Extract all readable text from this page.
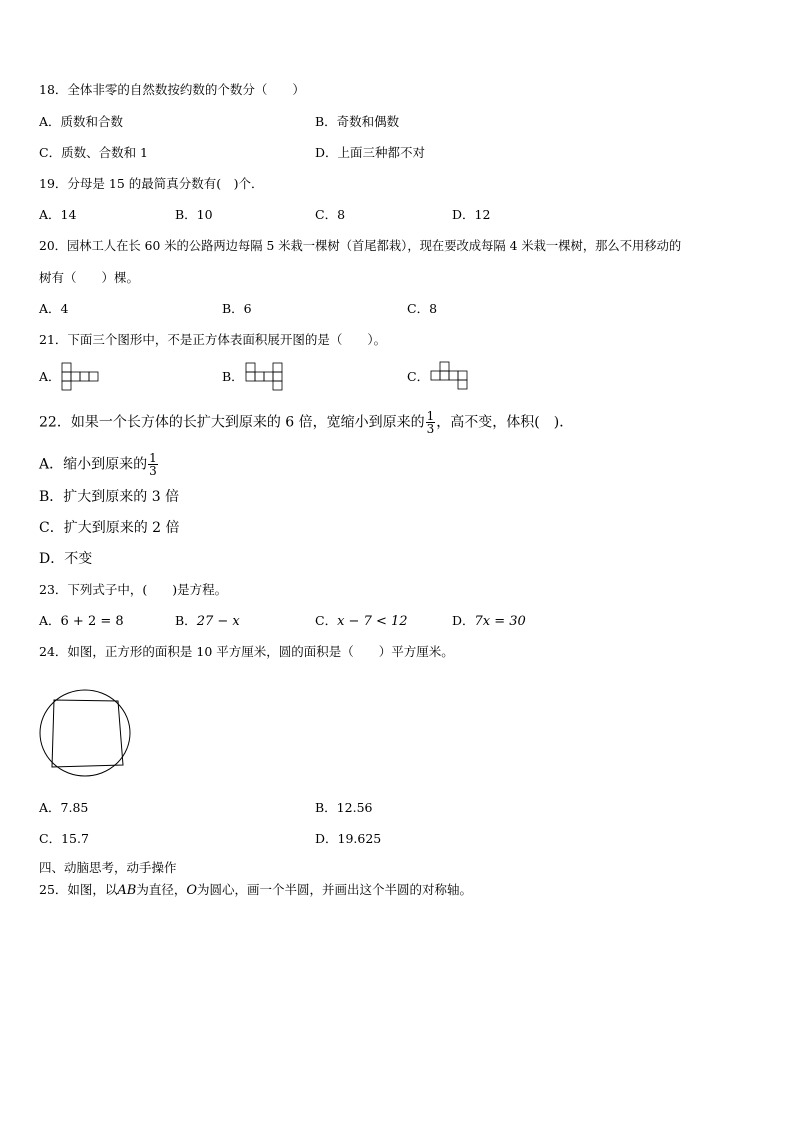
18．全体非零的自然数按约数的个数分（　　）
A．质数和合数	B．奇数和偶数
C．质数、合数和 1	D．上面三种都不对
19．分母是 15 的最简真分数有(　)个．
A．14	B．10	C．8	D．12
20．园林工人在长 60 米的公路两边每隔 5 米栽一棵树（首尾都栽），现在要改成每隔 4 米栽一棵树，那么不用移动的
树有（　　）棵。
A．4	B．6	C．8
21．下面三个图形中，不是正方体表面积展开图的是（　　）。
A．	B．	C．
22．如果一个长方体的长扩大到原来的 6 倍，宽缩小到原来的 $\frac{1}{3}$ ，高不变，体积(　)．
A．缩小到原来的 $\frac{1}{3}$
B．扩大到原来的 3 倍
C．扩大到原来的 2 倍
D．不变
23．下列式子中，(　　)是方程。
A．6 + 2 = 8	B．27 − x	C．x − 7 < 12	D．7x = 30
24．如图，正方形的面积是 10 平方厘米，圆的面积是（　　）平方厘米。
A．7.85	B．12.56
C．15.7	D．19.625
四、动脑思考，动手操作
25．如图，以AB为直径，O为圆心，画一个半圆，并画出这个半圆的对称轴。
